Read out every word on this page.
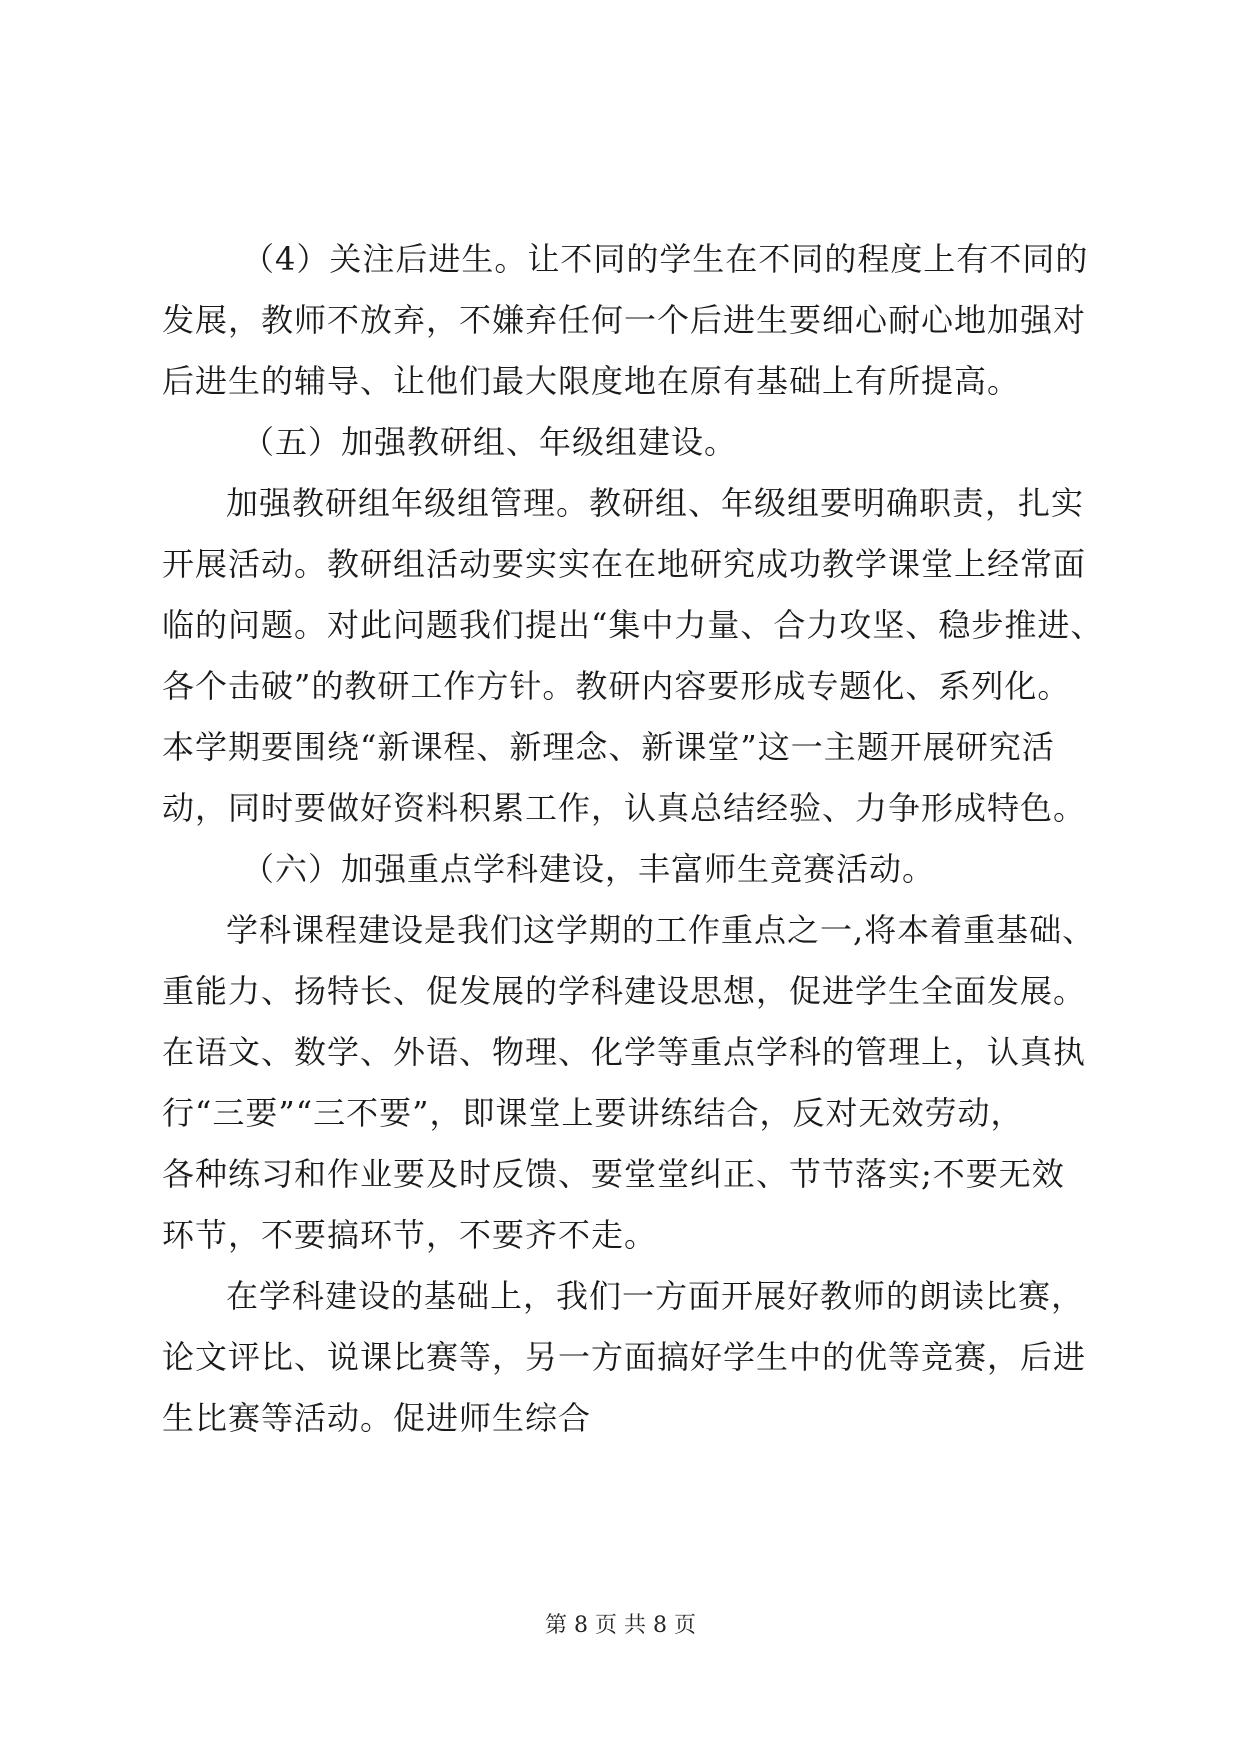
（4）关注后进生。让不同的学生在不同的程度上有不同的
发展，教师不放弃，不嫌弃任何一个后进生要细心耐心地加强对
后进生的辅导、让他们最大限度地在原有基础上有所提高。
（五）加强教研组、年级组建设。
加强教研组年级组管理。教研组、年级组要明确职责，扎实
开展活动。教研组活动要实实在在地研究成功教学课堂上经常面
临的问题。对此问题我们提出“集中力量、合力攻坚、稳步推进、
各个击破”的教研工作方针。教研内容要形成专题化、系列化。
本学期要围绕“新课程、新理念、新课堂”这一主题开展研究活
动，同时要做好资料积累工作，认真总结经验、力争形成特色。
（六）加强重点学科建设，丰富师生竞赛活动。
学科课程建设是我们这学期的工作重点之一,将本着重基础、
重能力、扬特长、促发展的学科建设思想，促进学生全面发展。
在语文、数学、外语、物理、化学等重点学科的管理上，认真执
行“三要”“三不要”，即课堂上要讲练结合，反对无效劳动，
各种练习和作业要及时反馈、要堂堂纠正、节节落实;不要无效
环节，不要搞环节，不要齐不走。
在学科建设的基础上，我们一方面开展好教师的朗读比赛，
论文评比、说课比赛等，另一方面搞好学生中的优等竞赛，后进
生比赛等活动。促进师生综合
第 8 页 共 8 页
